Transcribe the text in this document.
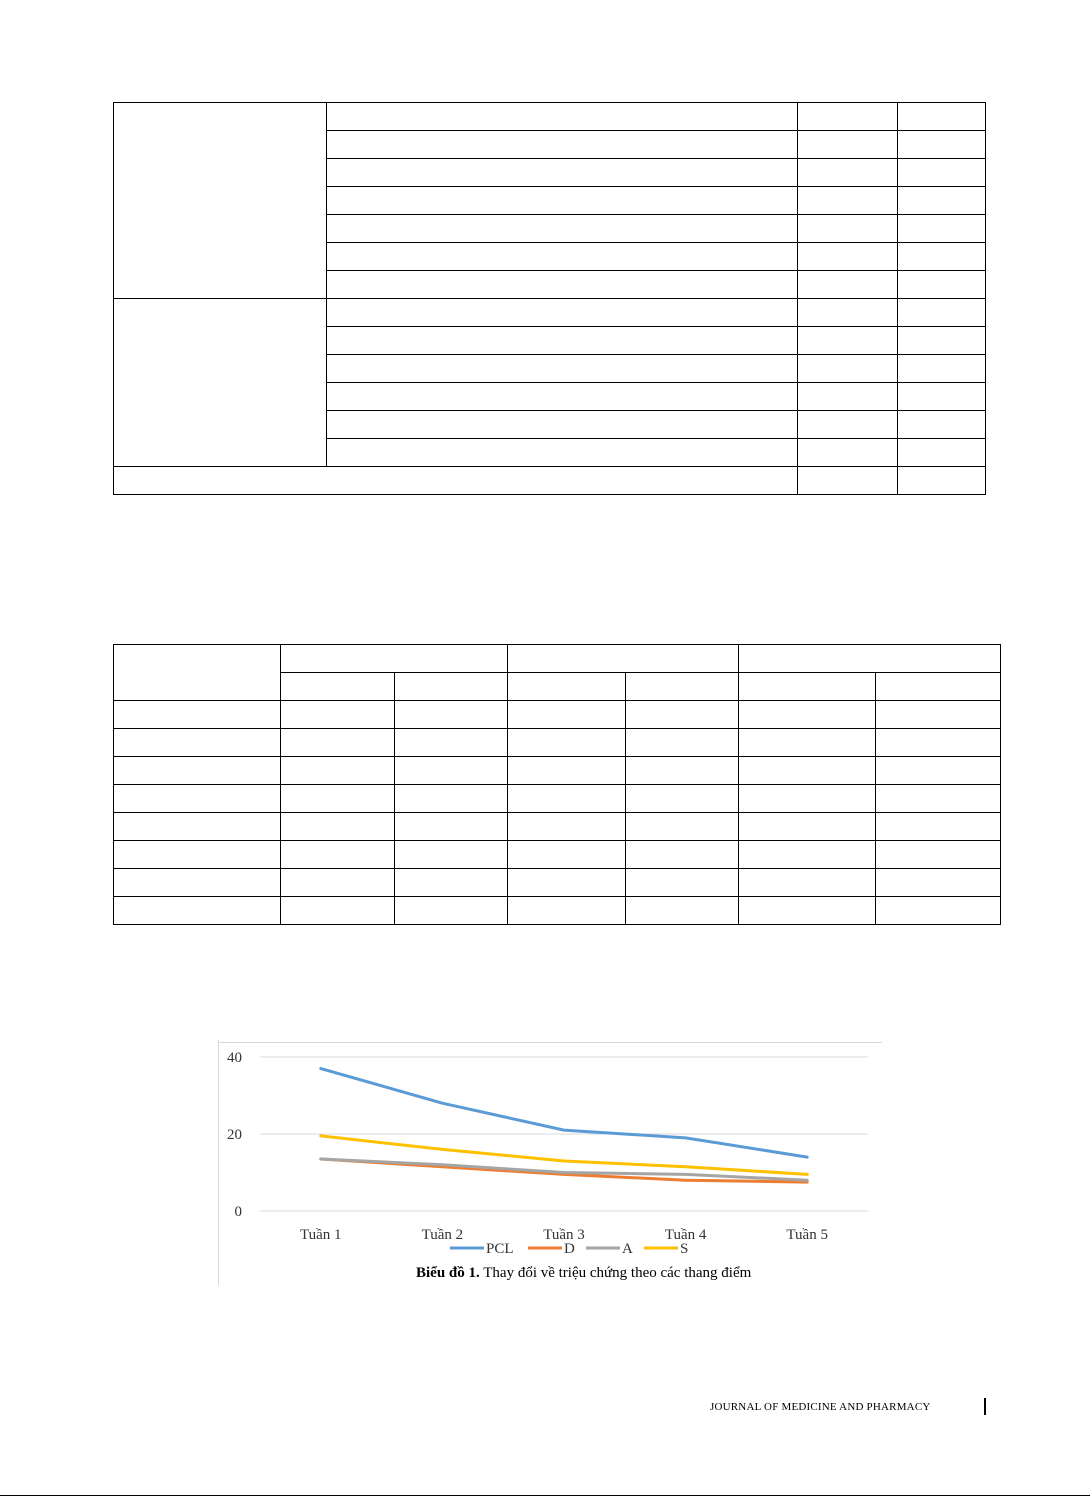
0
20
40
Tuần 1	Tuần 2	Tuần 3	Tuần 4	Tuần 5
PCL	D	A	S
Biểu đồ 1. Thay đổi về triệu chứng theo các thang điểm
JOURNAL OF MEDICINE AND PHARMACY
